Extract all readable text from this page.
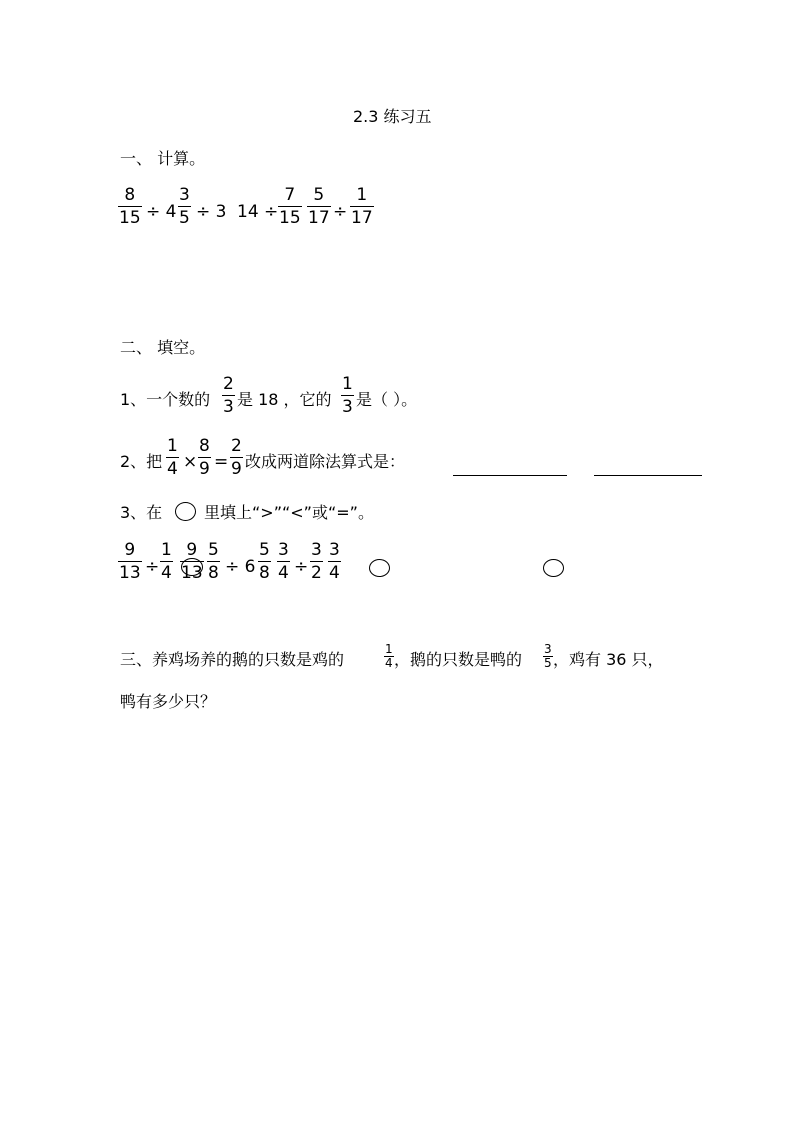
2.3 练习五
一、 计算。
8
15 ÷ 4
3
5 ÷ 3 14 ÷
7
15
5
17 ÷
1
17
二、 填空。
1、一个数的
2
3 是 18 ，它的
1
3 是（ ）。
2、把
1
4 ×
8
9 =
2
9 改成两道除法算式是：
3、在	里填上“>”“<”或“=”。
9
13 ÷
1
4
9
13
5
8 ÷ 6
5
8
3
4 ÷
3
2
3
4
三、养鸡场养的鹅的只数是鸡的
1
4 ，鹅的只数是鸭的
3
5 ，鸡有 36 只，
鸭有多少只？
